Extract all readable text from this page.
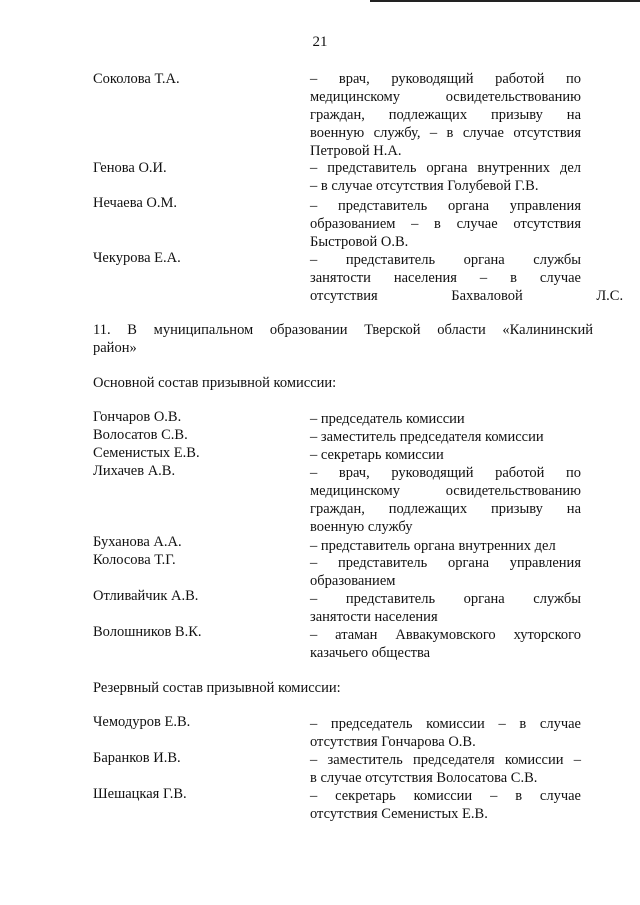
21
Соколова Т.А.	– врач, руководящий работой по
медицинскому освидетельствованию
граждан, подлежащих призыву на
военную службу, – в случае отсутствия
Петровой Н.А.
Генова О.И.	– представитель органа внутренних дел
– в случае отсутствия Голубевой Г.В.
Нечаева О.М.	– представитель органа управления
образованием – в случае отсутствия
Быстровой О.В.
Чекурова Е.А.	– представитель органа службы
занятости населения – в случае
отсутствия Бахваловой Л.С.
11. В муниципальном образовании Тверской области «Калининский
район»
Основной состав призывной комиссии:
Гончаров О.В.	– председатель комиссии
Волосатов С.В.	– заместитель председателя комиссии
Семенистых Е.В.	– секретарь комиссии
Лихачев А.В.	– врач, руководящий работой по
медицинскому освидетельствованию
граждан, подлежащих призыву на
военную службу
Буханова А.А.	– представитель органа внутренних дел
Колосова Т.Г.	– представитель органа управления
образованием
Отливайчик А.В.	– представитель органа службы
занятости населения
Волошников В.К.	– атаман Аввакумовского хуторского
казачьего общества
Резервный состав призывной комиссии:
Чемодуров Е.В.	– председатель комиссии – в случае
отсутствия Гончарова О.В.
Баранков И.В.	– заместитель председателя комиссии –
в случае отсутствия Волосатова С.В.
Шешацкая Г.В.	– секретарь комиссии – в случае
отсутствия Семенистых Е.В.
